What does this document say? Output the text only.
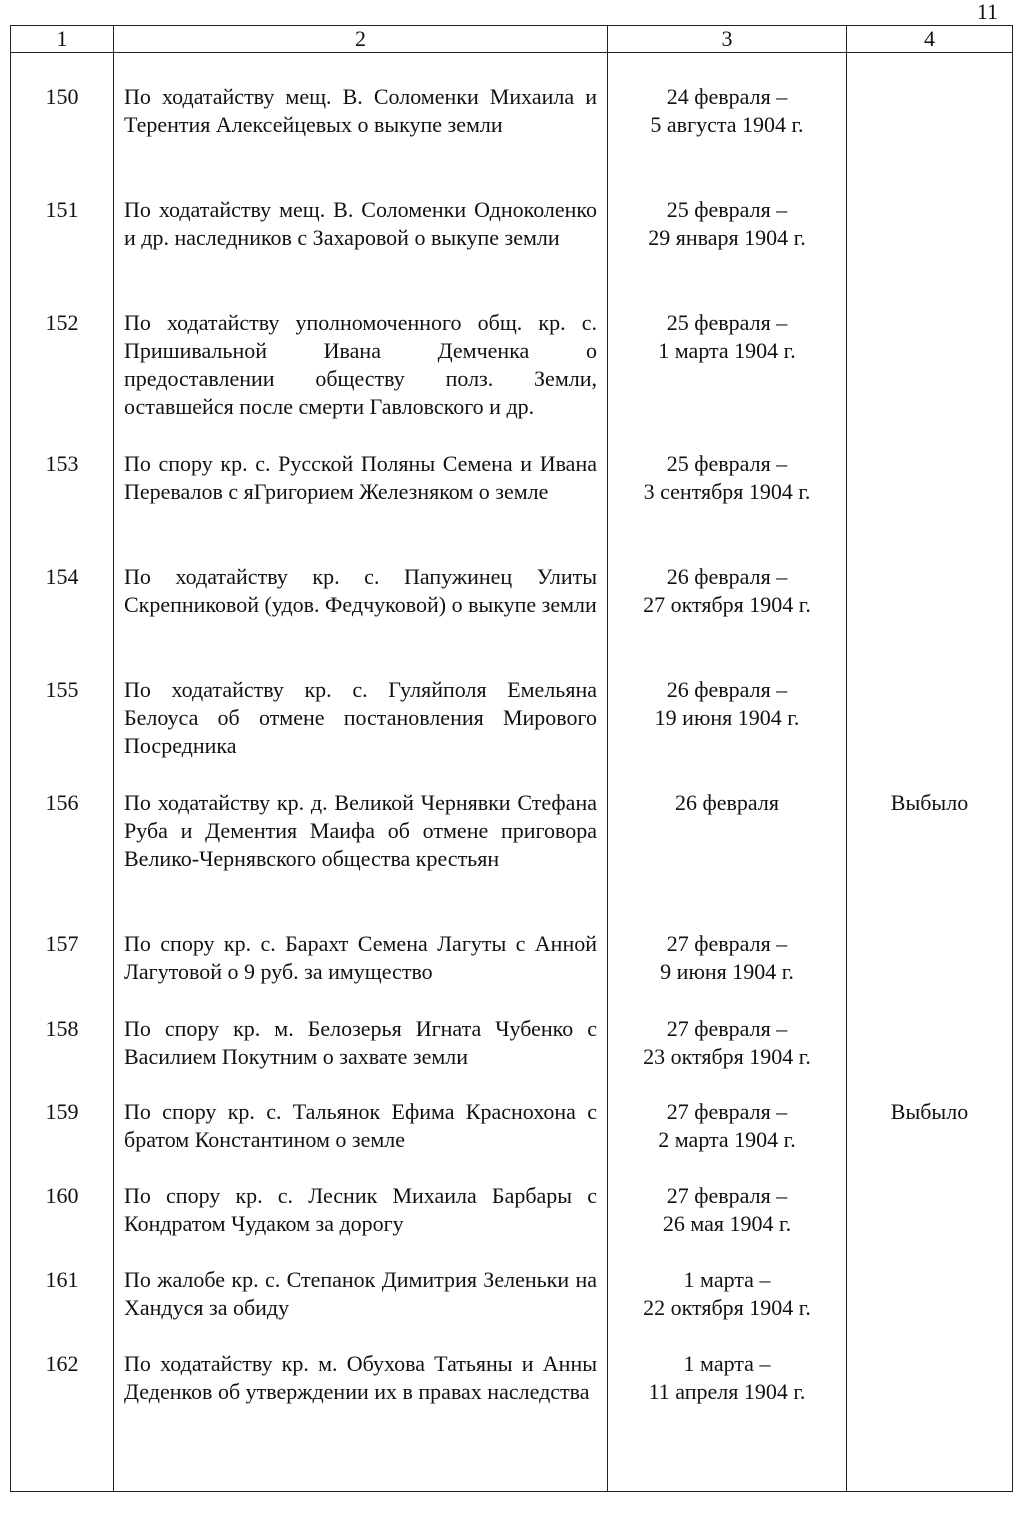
11
1	2	3	4

150	По ходатайству мещ. В. Соломенки Михаила и Терентия Алексейцевых о выкупе земли	24 февраля –
5 августа 1904 г.	

151	По ходатайству мещ. В. Соломенки Одноколенко и др. наследников с Захаровой о выкупе земли	25 февраля –
29 января 1904 г.	

152	По ходатайству уполномоченного общ. кр. с. Пришивальной Ивана Демченка о предоставлении обществу полз. Земли, оставшейся после смерти Гавловского и др.	25 февраля –
1 марта 1904 г.	

153	По спору кр. с. Русской Поляны Семена и Ивана Перевалов с яГригорием Железняком о земле	25 февраля –
3 сентября 1904 г.	

154	По ходатайству кр. с. Папужинец Улиты Скрепниковой (удов. Федчуковой) о выкупе земли	26 февраля –
27 октября 1904 г.	

155	По ходатайству кр. с. Гуляйполя Емельяна Белоуса об отмене постановления Мирового Посредника	26 февраля –
19 июня 1904 г.	

156	По ходатайству кр. д. Великой Чернявки Стефана Руба и Дементия Маифа об отмене приговора Велико-Чернявского общества крестьян	26 февраля	Выбыло
157	По спору кр. с. Барахт Семена Лагуты с Анной Лагутовой о 9 руб. за имущество	27 февраля –
9 июня 1904 г.	

158	По спору кр. м. Белозерья Игната Чубенко с Василием Покутним о захвате земли	27 февраля –
23 октября 1904 г.	

159	По спору кр. с. Тальянок Ефима Краснохона с братом Константином о земле	27 февраля –
2 марта 1904 г.	Выбыло
160	По спору кр. с. Лесник Михаила Барбары с Кондратом Чудаком за дорогу	27 февраля –
26 мая 1904 г.	

161	По жалобе кр. с. Степанок Димитрия Зеленьки на Хандуся за обиду	1 марта –
22 октября 1904 г.	

162	По ходатайству кр. м. Обухова Татьяны и Анны Деденков об утверждении их в правах наследства	1 марта –
11 апреля 1904 г.	
